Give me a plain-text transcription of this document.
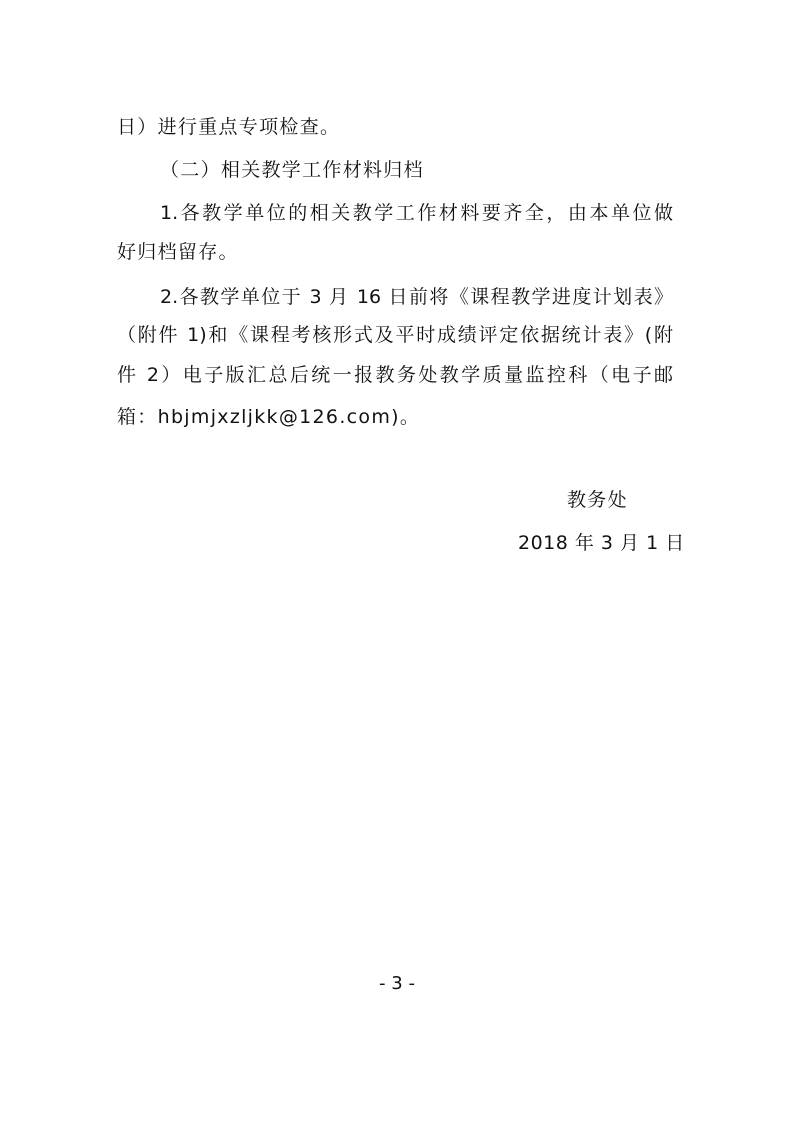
日）进行重点专项检查。
（二）相关教学工作材料归档
1.各教学单位的相关教学工作材料要齐全，由本单位做
好归档留存。
2.各教学单位于 3 月 16 日前将《课程教学进度计划表》
（附件 1)和《课程考核形式及平时成绩评定依据统计表》(附
件 2）电子版汇总后统一报教务处教学质量监控科（电子邮
箱：hbjmjxzljkk@126.com)。
教务处
2018 年 3 月 1 日
- 3 -
